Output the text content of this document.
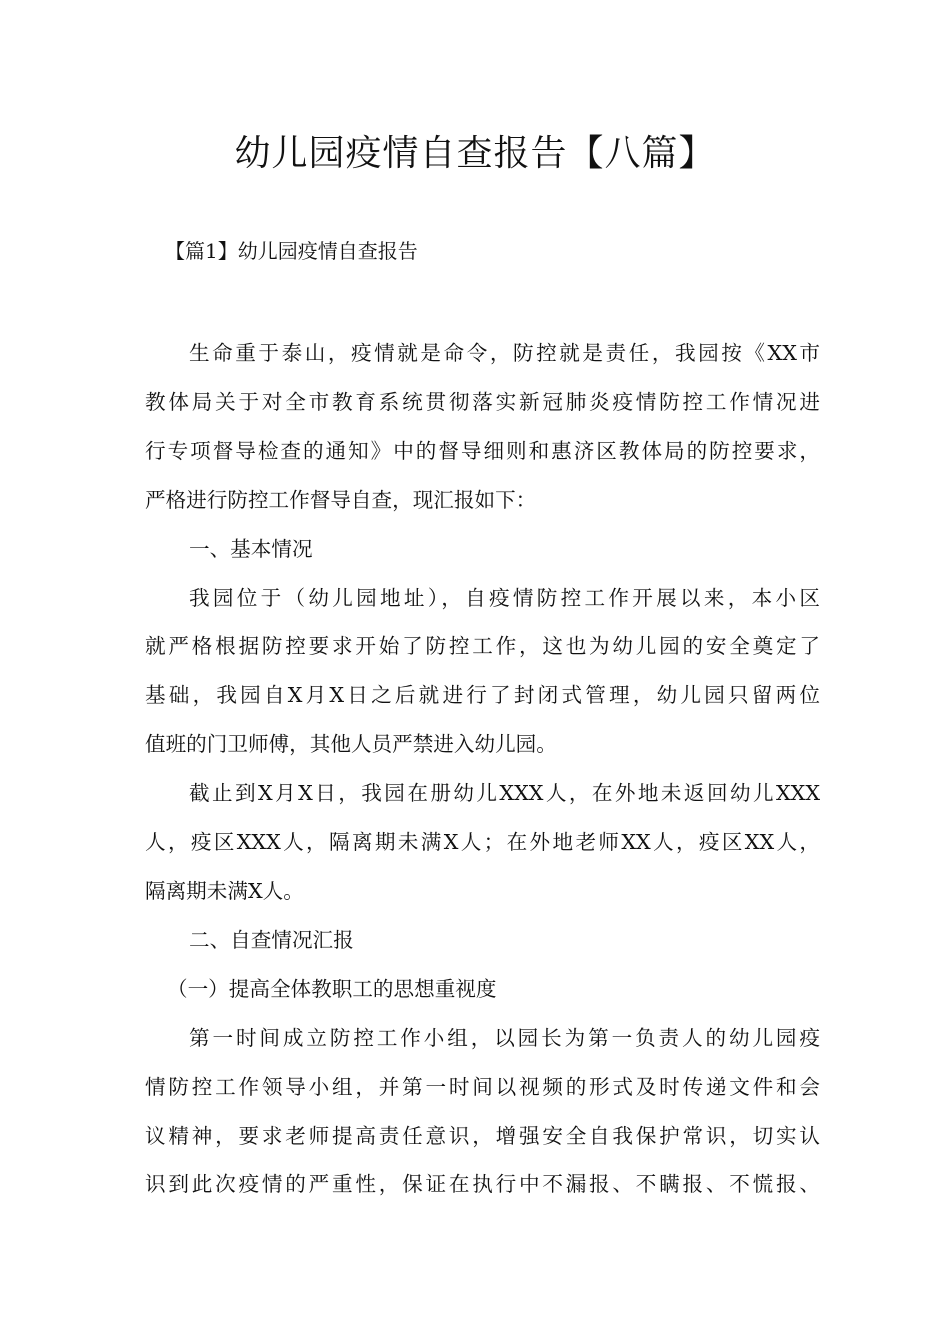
幼儿园疫情自查报告【八篇】

【篇1】幼儿园疫情自查报告

生命重于泰山，疫情就是命令，防控就是责任，我园按《XX市
教体局关于对全市教育系统贯彻落实新冠肺炎疫情防控工作情况进
行专项督导检查的通知》中的督导细则和惠济区教体局的防控要求，
严格进行防控工作督导自查，现汇报如下：

一、基本情况

我园位于（幼儿园地址），自疫情防控工作开展以来，本小区
就严格根据防控要求开始了防控工作，这也为幼儿园的安全奠定了
基础，我园自X月X日之后就进行了封闭式管理，幼儿园只留两位
值班的门卫师傅，其他人员严禁进入幼儿园。

截止到X月X日，我园在册幼儿XXX人，在外地未返回幼儿XXX
人，疫区XXX人，隔离期未满X人；在外地老师XX人，疫区XX人，
隔离期未满X人。

二、自查情况汇报

（一）提高全体教职工的思想重视度

第一时间成立防控工作小组，以园长为第一负责人的幼儿园疫
情防控工作领导小组，并第一时间以视频的形式及时传递文件和会
议精神，要求老师提高责任意识，增强安全自我保护常识，切实认
识到此次疫情的严重性，保证在执行中不漏报、不瞒报、不慌报、
